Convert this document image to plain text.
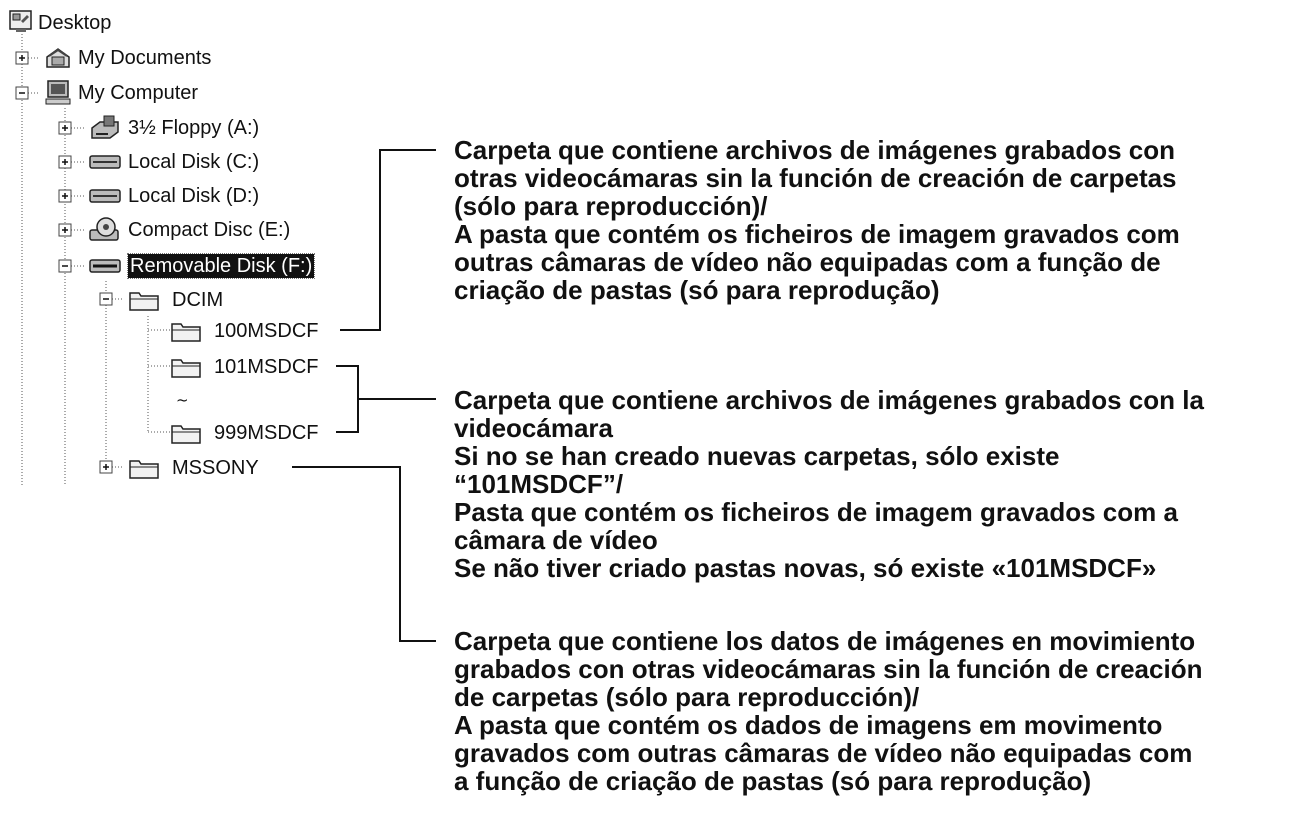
Desktop
My Documents
My Computer
3½ Floppy (A:)
Local Disk (C:)
Local Disk (D:)
Compact Disc (E:)
Removable Disk (F:)
DCIM
100MSDCF
101MSDCF
~
999MSDCF
MSSONY
Carpeta que contiene archivos de imágenes grabados con
otras videocámaras sin la función de creación de carpetas
(sólo para reproducción)/
A pasta que contém os ficheiros de imagem gravados com
outras câmaras de vídeo não equipadas com a função de
criação de pastas (só para reprodução)
Carpeta que contiene archivos de imágenes grabados con la
videocámara
Si no se han creado nuevas carpetas, sólo existe
“101MSDCF”/
Pasta que contém os ficheiros de imagem gravados com a
câmara de vídeo
Se não tiver criado pastas novas, só existe «101MSDCF»
Carpeta que contiene los datos de imágenes en movimiento
grabados con otras videocámaras sin la función de creación
de carpetas (sólo para reproducción)/
A pasta que contém os dados de imagens em movimento
gravados com outras câmaras de vídeo não equipadas com
a função de criação de pastas (só para reprodução)
